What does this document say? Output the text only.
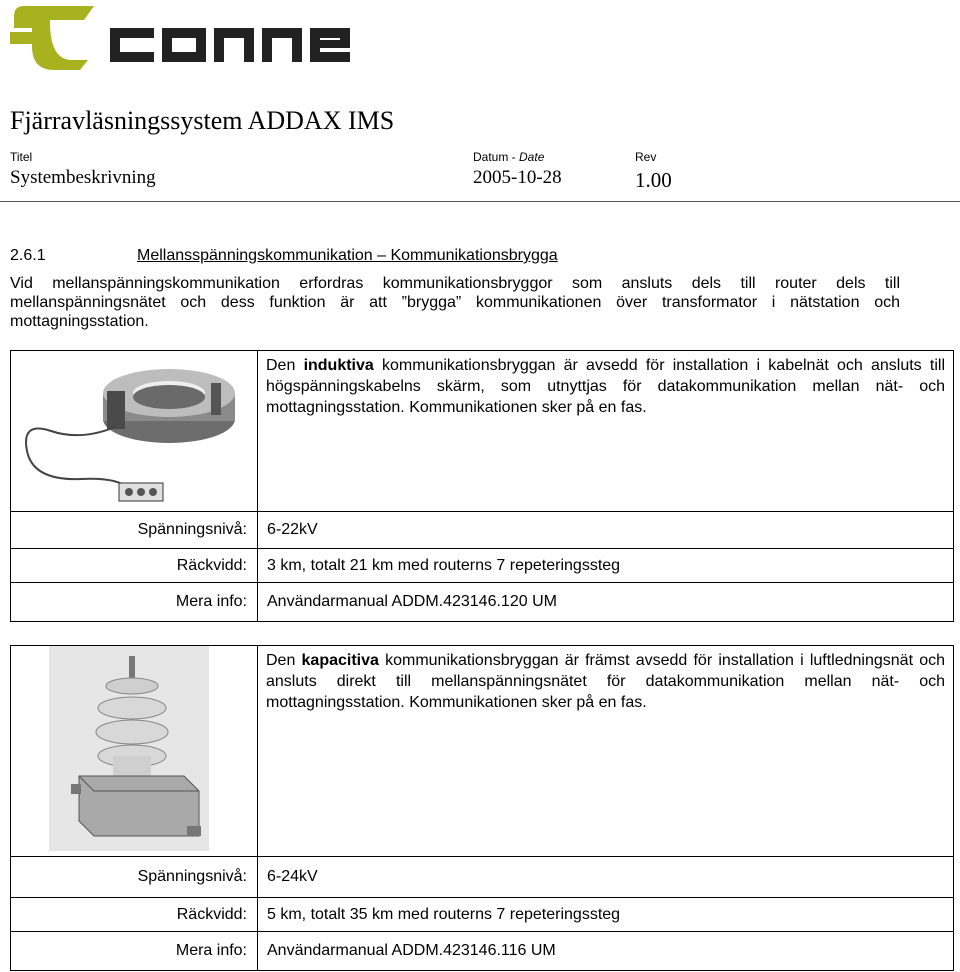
Fjärravläsningssystem ADDAX IMS
Titel
Systembeskrivning
Datum - Date
2005-10-28
Rev
1.00
2.6.1	Mellansspänningskommunikation – Kommunikationsbrygga
Vid mellanspänningskommunikation erfordras kommunikationsbryggor som ansluts dels till router dels till
mellanspänningsnätet och dess funktion är att ”brygga” kommunikationen över transformator i nätstation och
mottagningsstation.

Den induktiva kommunikationsbryggan är avsedd för installation i kabelnät och ansluts till högspänningskabelns skärm, som utnyttjas för datakommunikation mellan nät- och mottagningsstation. Kommunikationen sker på en fas.

Spänningsnivå:	6-22kV
Räckvidd:	3 km, totalt 21 km med routerns 7 repeteringssteg
Mera info:	Användarmanual ADDM.423146.120 UM

Den kapacitiva kommunikationsbryggan är främst avsedd för installation i luftledningsnät och ansluts direkt till mellanspänningsnätet för datakommunikation mellan nät- och mottagningsstation. Kommunikationen sker på en fas.

Spänningsnivå:	6-24kV
Räckvidd:	5 km, totalt 35 km med routerns 7 repeteringssteg
Mera info:	Användarmanual ADDM.423146.116 UM
